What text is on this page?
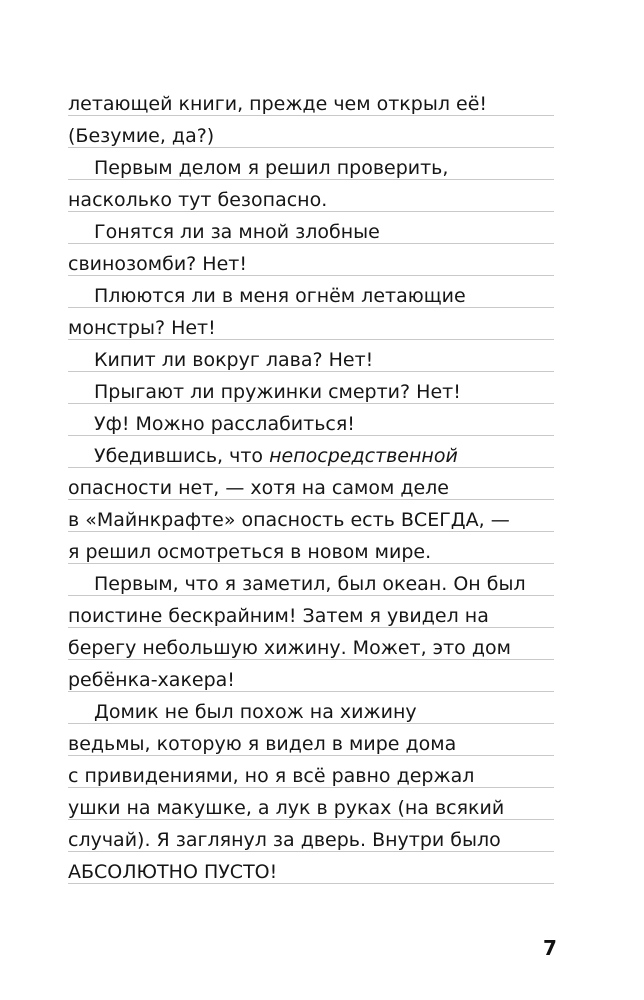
летающей книги, прежде чем открыл её!
(Безумие, да?)
Первым делом я решил проверить,
насколько тут безопасно.
Гонятся ли за мной злобные
свинозомби? Нет!
Плюются ли в меня огнём летающие
монстры? Нет!
Кипит ли вокруг лава? Нет!
Прыгают ли пружинки смерти? Нет!
Уф! Можно расслабиться!
Убедившись, что непосредственной
опасности нет, — хотя на самом деле
в «Майнкрафте» опасность есть ВСЕГДА, —
я решил осмотреться в новом мире.
Первым, что я заметил, был океан. Он был
поистине бескрайним! Затем я увидел на
берегу небольшую хижину. Может, это дом
ребёнка-хакера!
Домик не был похож на хижину
ведьмы, которую я видел в мире дома
с привидениями, но я всё равно держал
ушки на макушке, а лук в руках (на всякий
случай). Я заглянул за дверь. Внутри было
АБСОЛЮТНО ПУСТО!
7
